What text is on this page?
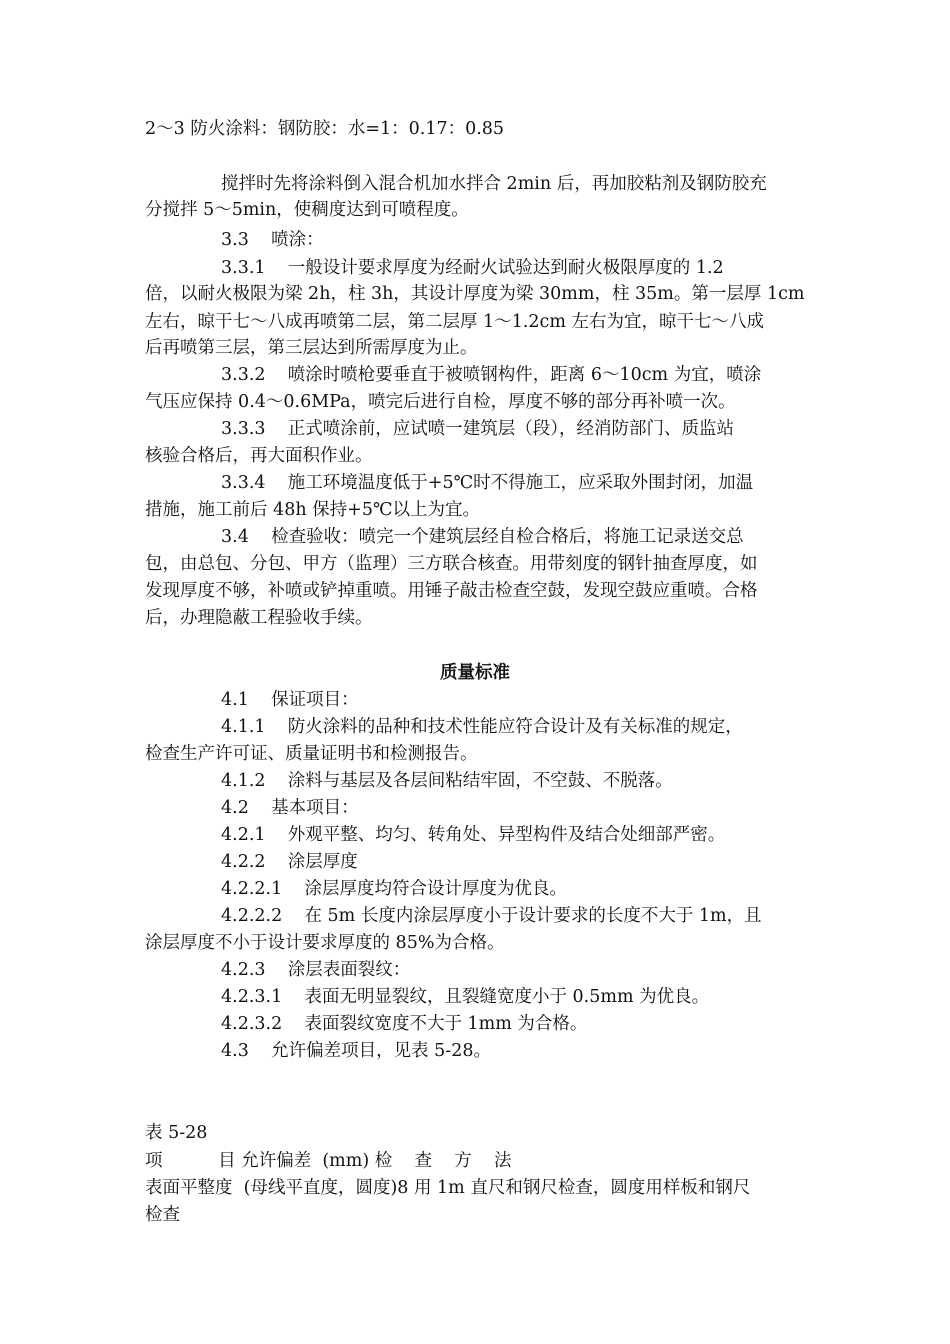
2～3 防火涂料：钢防胶：水=1：0.17：0.85
搅拌时先将涂料倒入混合机加水拌合 2min 后，再加胶粘剂及钢防胶充
分搅拌 5～5min，使稠度达到可喷程度。
3.3    喷涂：
3.3.1    一般设计要求厚度为经耐火试验达到耐火极限厚度的 1.2
倍，以耐火极限为梁 2h，柱 3h，其设计厚度为梁 30mm，柱 35m。第一层厚 1cm
左右，晾干七～八成再喷第二层，第二层厚 1～1.2cm 左右为宜，晾干七～八成
后再喷第三层，第三层达到所需厚度为止。
3.3.2    喷涂时喷枪要垂直于被喷钢构件，距离 6～10cm 为宜，喷涂
气压应保持 0.4～0.6MPa，喷完后进行自检，厚度不够的部分再补喷一次。
3.3.3    正式喷涂前，应试喷一建筑层（段），经消防部门、质监站
核验合格后，再大面积作业。
3.3.4    施工环境温度低于+5℃时不得施工，应采取外围封闭，加温
措施，施工前后 48h 保持+5℃以上为宜。
3.4    检查验收：喷完一个建筑层经自检合格后，将施工记录送交总
包，由总包、分包、甲方（监理）三方联合核查。用带刻度的钢针抽查厚度，如
发现厚度不够，补喷或铲掉重喷。用锤子敲击检查空鼓，发现空鼓应重喷。合格
后，办理隐蔽工程验收手续。
质量标准
4.1    保证项目：
4.1.1    防火涂料的品种和技术性能应符合设计及有关标准的规定，
检查生产许可证、质量证明书和检测报告。
4.1.2    涂料与基层及各层间粘结牢固，不空鼓、不脱落。
4.2    基本项目：
4.2.1    外观平整、均匀、转角处、异型构件及结合处细部严密。
4.2.2    涂层厚度
4.2.2.1    涂层厚度均符合设计厚度为优良。
4.2.2.2    在 5m 长度内涂层厚度小于设计要求的长度不大于 1m，且
涂层厚度不小于设计要求厚度的 85%为合格。
4.2.3    涂层表面裂纹：
4.2.3.1    表面无明显裂纹，且裂缝宽度小于 0.5mm 为优良。
4.2.3.2    表面裂纹宽度不大于 1mm 为合格。
4.3    允许偏差项目，见表 5-28。
表 5-28
项          目 允许偏差  (mm) 检    查    方    法
表面平整度  (母线平直度，圆度)8 用 1m 直尺和钢尺检查，圆度用样板和钢尺
检查
